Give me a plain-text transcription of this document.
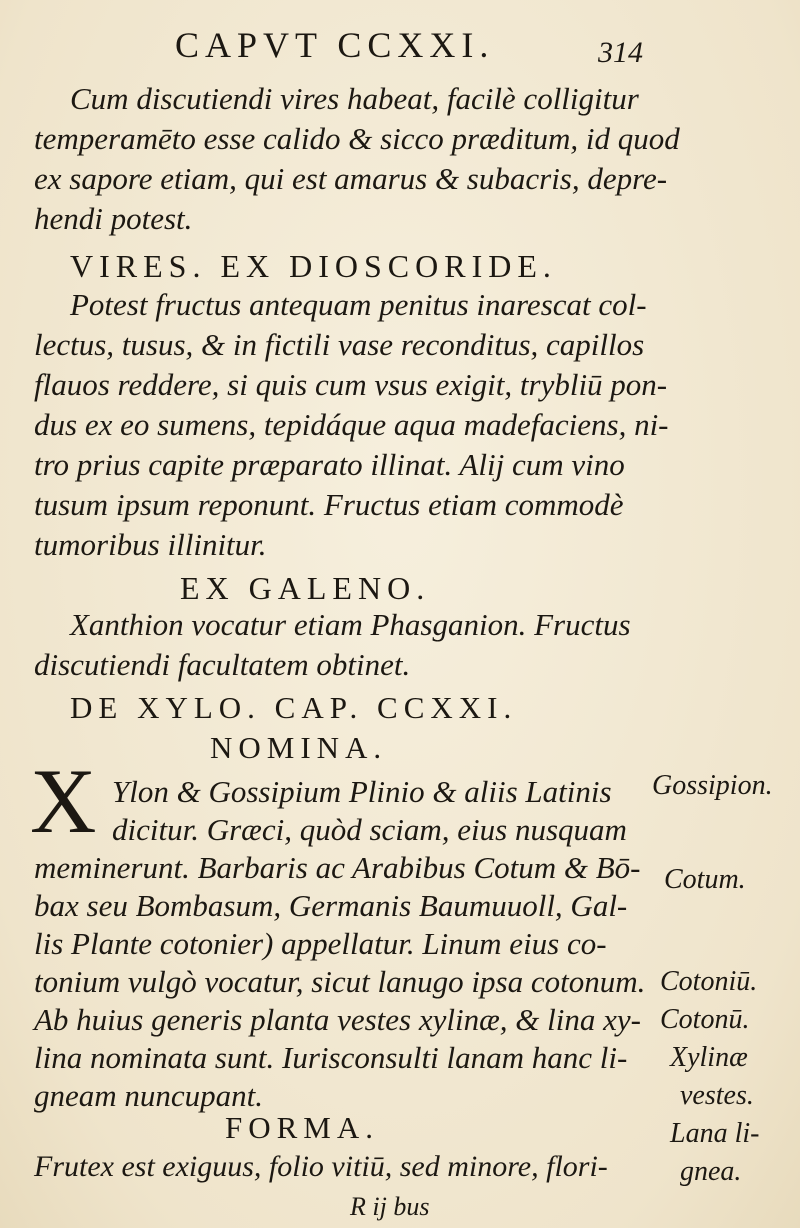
CAPVT CCXXI.	314
Cum discutiendi vires habeat, facilè colligitur
temperamēto esse calido & sicco præditum, id quod
ex sapore etiam, qui est amarus & subacris, depre-
hendi potest.
VIRES. EX DIOSCORIDE.
Potest fructus antequam penitus inarescat col-
lectus, tusus, & in fictili vase reconditus, capillos
flauos reddere, si quis cum vsus exigit, trybliū pon-
dus ex eo sumens, tepidáque aqua madefaciens, ni-
tro prius capite præparato illinat. Alij cum vino
tusum ipsum reponunt. Fructus etiam commodè
tumoribus illinitur.
EX GALENO.
Xanthion vocatur etiam Phasganion. Fructus
discutiendi facultatem obtinet.
DE XYLO. CAP. CCXXI.
NOMINA.
X Ylon & Gossipium Plinio & aliis Latinis
dicitur. Græci, quòd sciam, eius nusquam
meminerunt. Barbaris ac Arabibus Cotum & Bō-
bax seu Bombasum, Germanis Baumuuoll, Gal-
lis Plante cotonier) appellatur. Linum eius co-
tonium vulgò vocatur, sicut lanugo ipsa cotonum.
Ab huius generis planta vestes xylinæ, & lina xy-
lina nominata sunt. Iurisconsulti lanam hanc li-
gneam nuncupant.
FORMA.
Frutex est exiguus, folio vitiū, sed minore, flori-
R ij bus
Gossipion.
Cotum.
Cotoniū.
Cotonū.
Xylinæ
vestes.
Lana li-
gnea.
